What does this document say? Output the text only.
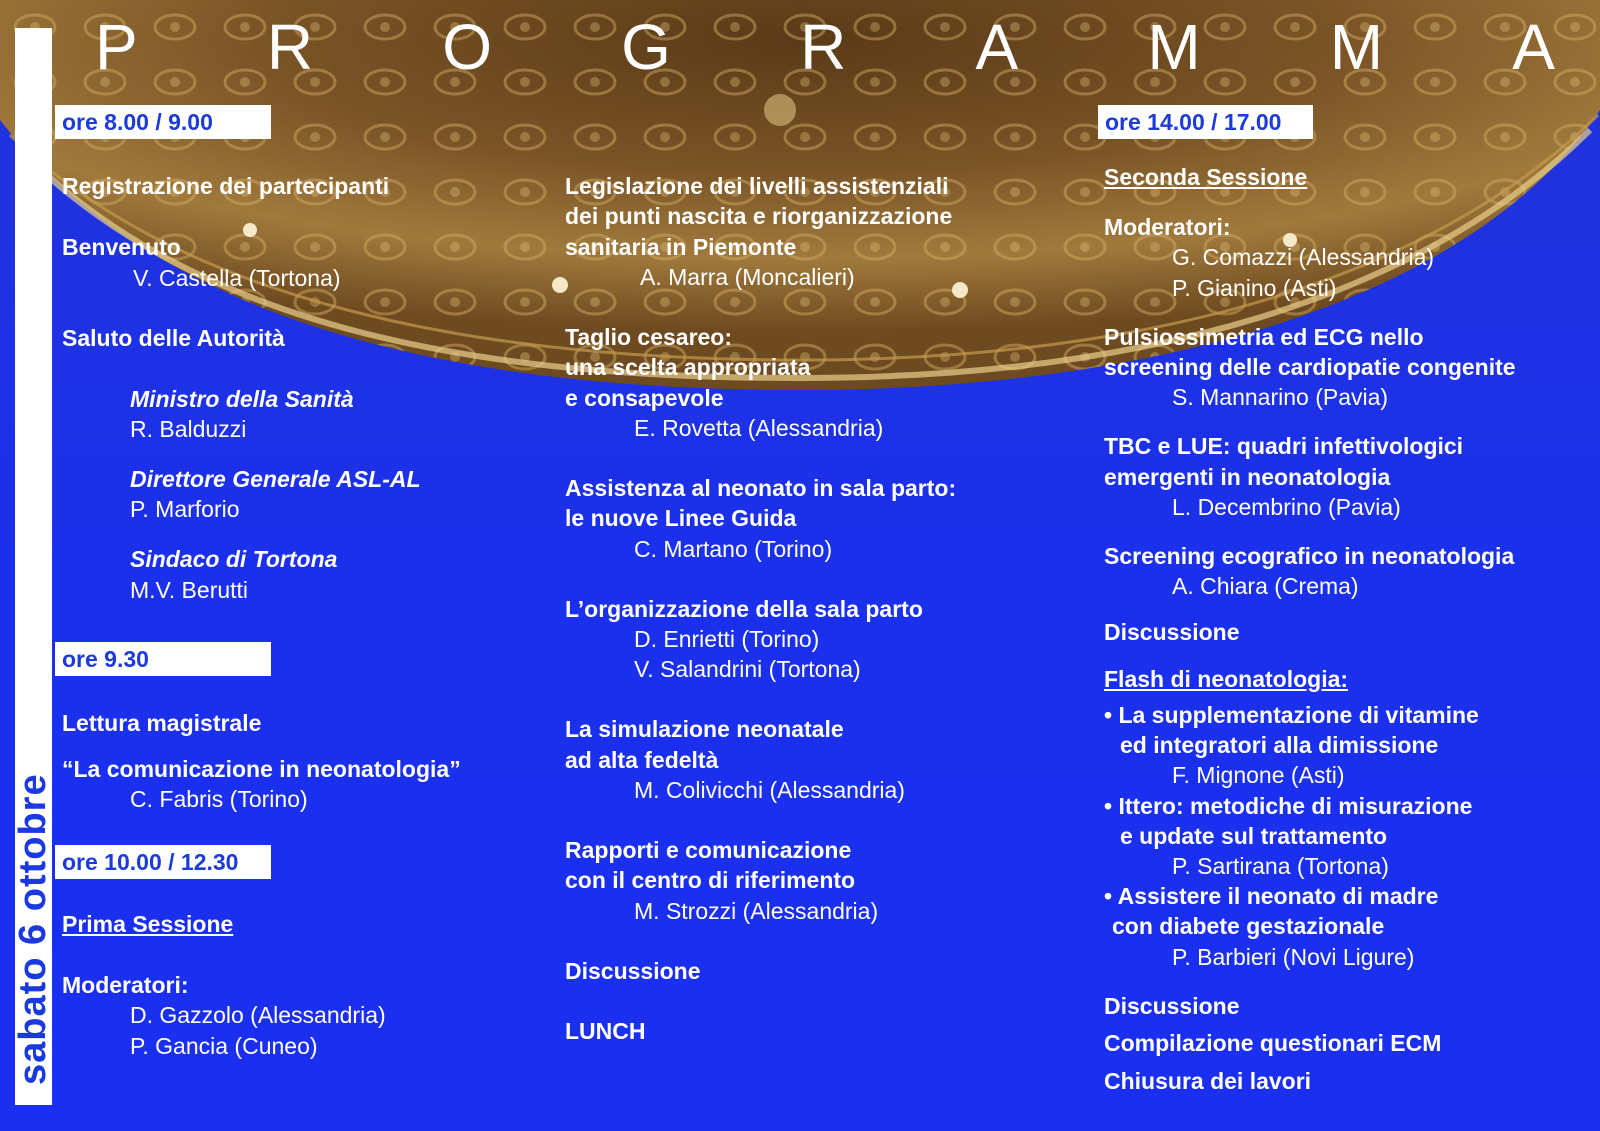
sabato 6 ottobre
P R O G R A M M A
ore 8.00 / 9.00
Registrazione dei partecipanti
Benvenuto
V. Castella (Tortona)
Saluto delle Autorità
Ministro della Sanità
R. Balduzzi
Direttore Generale ASL-AL
P. Marforio
Sindaco di Tortona
M.V. Berutti
ore 9.30
Lettura magistrale
“La comunicazione in neonatologia”
C. Fabris (Torino)
ore 10.00 / 12.30
Prima Sessione
Moderatori:
D. Gazzolo (Alessandria)
P. Gancia (Cuneo)
Legislazione dei livelli assistenziali
dei punti nascita e riorganizzazione
sanitaria in Piemonte
A. Marra (Moncalieri)
Taglio cesareo:
una scelta appropriata
e consapevole
E. Rovetta (Alessandria)
Assistenza al neonato in sala parto:
le nuove Linee Guida
C. Martano (Torino)
L’organizzazione della sala parto
D. Enrietti (Torino)
V. Salandrini (Tortona)
La simulazione neonatale
ad alta fedeltà
M. Colivicchi (Alessandria)
Rapporti e comunicazione
con il centro di riferimento
M. Strozzi (Alessandria)
Discussione
LUNCH
ore 14.00 / 17.00
Seconda Sessione
Moderatori:
G. Comazzi (Alessandria)
P. Gianino (Asti)
Pulsiossimetria ed ECG nello
screening delle cardiopatie congenite
S. Mannarino (Pavia)
TBC e LUE: quadri infettivologici
emergenti in neonatologia
L. Decembrino (Pavia)
Screening ecografico in neonatologia
A. Chiara (Crema)
Discussione
Flash di neonatologia:
• La supplementazione di vitamine
ed integratori alla dimissione
F. Mignone (Asti)
• Ittero: metodiche di misurazione
e update sul trattamento
P. Sartirana (Tortona)
• Assistere il neonato di madre
con diabete gestazionale
P. Barbieri (Novi Ligure)
Discussione
Compilazione questionari ECM
Chiusura dei lavori
